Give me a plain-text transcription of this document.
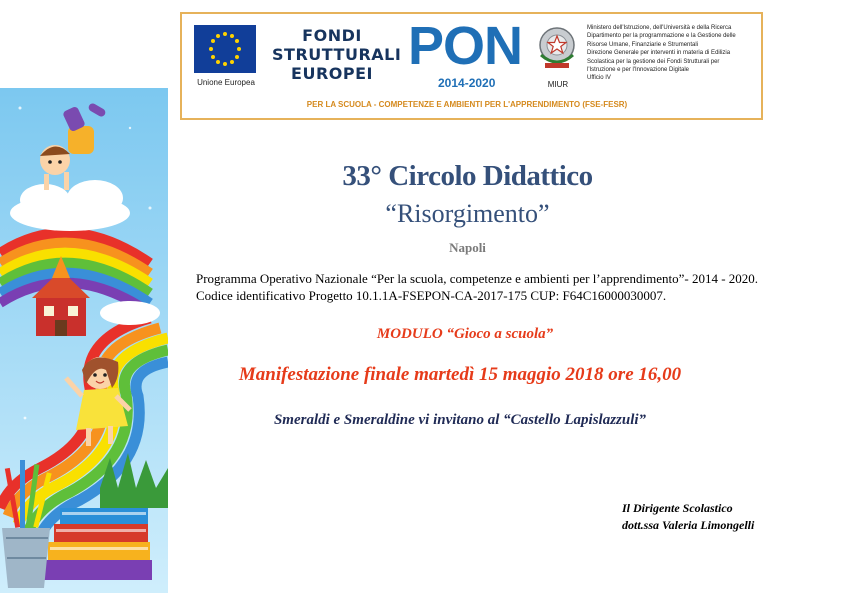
Unione Europea
FONDI
STRUTTURALI
EUROPEI PON
2014-2020
PER LA SCUOLA - COMPETENZE E AMBIENTI PER L'APPRENDIMENTO (FSE-FESR)
MIUR
Ministero dell'Istruzione, dell'Università e della Ricerca
Dipartimento per la programmazione e la Gestione delle
Risorse Umane, Finanziarie e Strumentali
Direzione Generale per interventi in materia di Edilizia
Scolastica per la gestione dei Fondi Strutturali per
l'Istruzione e per l'Innovazione Digitale
Ufficio IV
33° Circolo Didattico
“Risorgimento”
Napoli
Programma Operativo Nazionale “Per la scuola, competenze e ambienti per l’apprendimento”- 2014 - 2020.
Codice identificativo Progetto 10.1.1A-FSEPON-CA-2017-175 CUP: F64C16000030007.
MODULO “Gioco a scuola”
Manifestazione finale martedì 15 maggio 2018 ore 16,00
Smeraldi e Smeraldine vi invitano al “Castello Lapislazzuli”
Il Dirigente Scolastico
dott.ssa Valeria Limongelli
